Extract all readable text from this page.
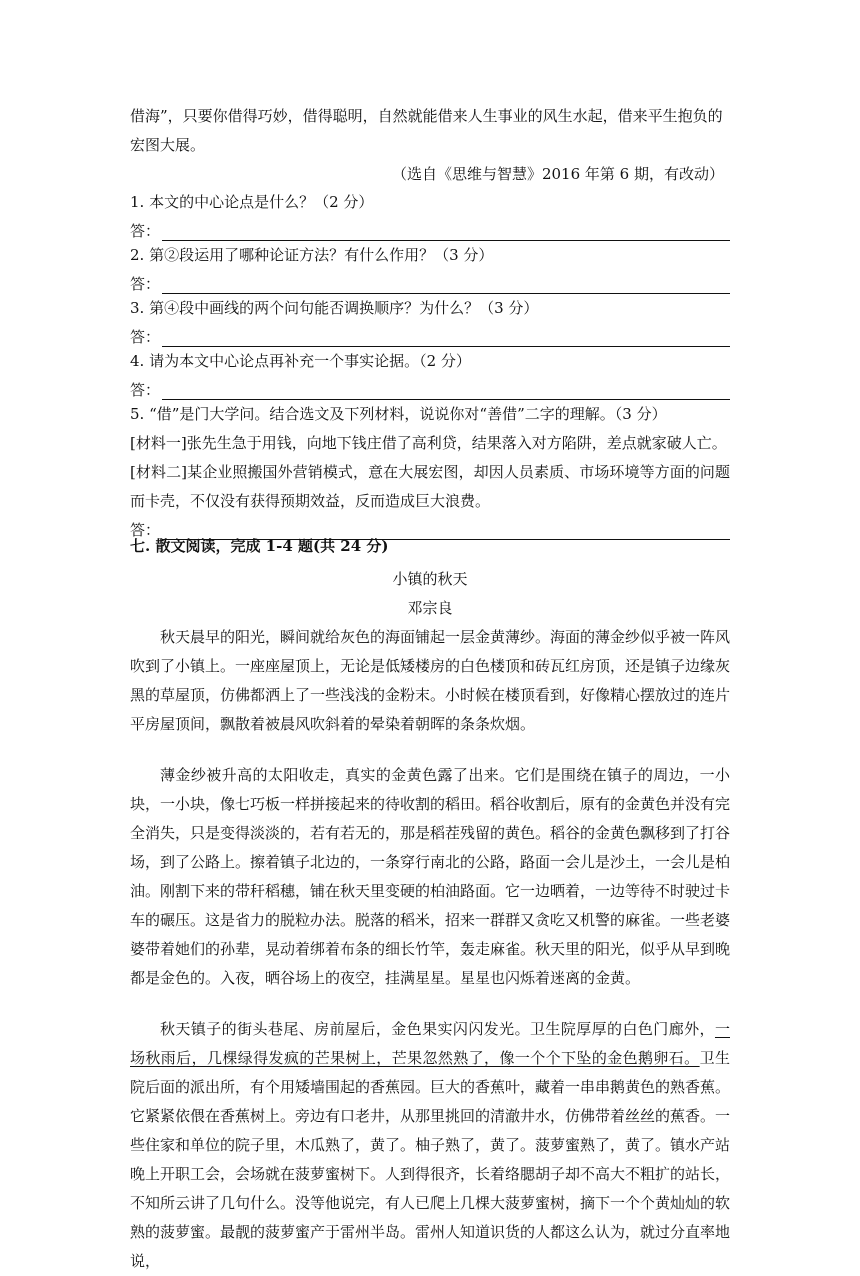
借海”，只要你借得巧妙，借得聪明，自然就能借来人生事业的风生水起，借来平生抱负的

宏图大展。

（选自《思维与智慧》2016 年第 6 期，有改动）

1. 本文的中心论点是什么？（2 分）

答：

2. 第②段运用了哪种论证方法？有什么作用？（3 分）

答：

3. 第④段中画线的两个问句能否调换顺序？为什么？（3 分）

答：

4. 请为本文中心论点再补充一个事实论据。（2 分）

答：

5. “借”是门大学问。结合选文及下列材料，说说你对“善借”二字的理解。（3 分）

[材料一]张先生急于用钱，向地下钱庄借了高利贷，结果落入对方陷阱，差点就家破人亡。

[材料二]某企业照搬国外营销模式，意在大展宏图，却因人员素质、市场环境等方面的问题而卡壳，不仅没有获得预期效益，反而造成巨大浪费。

答：

七. 散文阅读，完成 1-4 题(共 24 分)

小镇的秋天

邓宗良

秋天晨早的阳光，瞬间就给灰色的海面铺起一层金黄薄纱。海面的薄金纱似乎被一阵风吹到了小镇上。一座座屋顶上，无论是低矮楼房的白色楼顶和砖瓦红房顶，还是镇子边缘灰黑的草屋顶，仿佛都洒上了一些浅浅的金粉末。小时候在楼顶看到，好像精心摆放过的连片平房屋顶间，飘散着被晨风吹斜着的晕染着朝晖的条条炊烟。

薄金纱被升高的太阳收走，真实的金黄色露了出来。它们是围绕在镇子的周边，一小块，一小块，像七巧板一样拼接起来的待收割的稻田。稻谷收割后，原有的金黄色并没有完全消失，只是变得淡淡的，若有若无的，那是稻茬残留的黄色。稻谷的金黄色飘移到了打谷场，到了公路上。擦着镇子北边的，一条穿行南北的公路，路面一会儿是沙土，一会儿是柏油。刚割下来的带秆稻穗，铺在秋天里变硬的柏油路面。它一边晒着，一边等待不时驶过卡车的碾压。这是省力的脱粒办法。脱落的稻米，招来一群群又贪吃又机警的麻雀。一些老婆婆带着她们的孙辈，晃动着绑着布条的细长竹竿，轰走麻雀。秋天里的阳光，似乎从早到晚都是金色的。入夜，晒谷场上的夜空，挂满星星。星星也闪烁着迷离的金黄。

秋天镇子的街头巷尾、房前屋后，金色果实闪闪发光。卫生院厚厚的白色门廊外，一场秋雨后，几棵绿得发疯的芒果树上，芒果忽然熟了，像一个个下坠的金色鹅卵石。卫生院后面的派出所，有个用矮墙围起的香蕉园。巨大的香蕉叶，藏着一串串鹅黄色的熟香蕉。它紧紧依偎在香蕉树上。旁边有口老井，从那里挑回的清澈井水，仿佛带着丝丝的蕉香。一些住家和单位的院子里，木瓜熟了，黄了。柚子熟了，黄了。菠萝蜜熟了，黄了。镇水产站晚上开职工会，会场就在菠萝蜜树下。人到得很齐，长着络腮胡子却不高大不粗扩的站长，不知所云讲了几句什么。没等他说完，有人已爬上几棵大菠萝蜜树，摘下一个个黄灿灿的软熟的菠萝蜜。最靓的菠萝蜜产于雷州半岛。雷州人知道识货的人都这么认为，就过分直率地说，
